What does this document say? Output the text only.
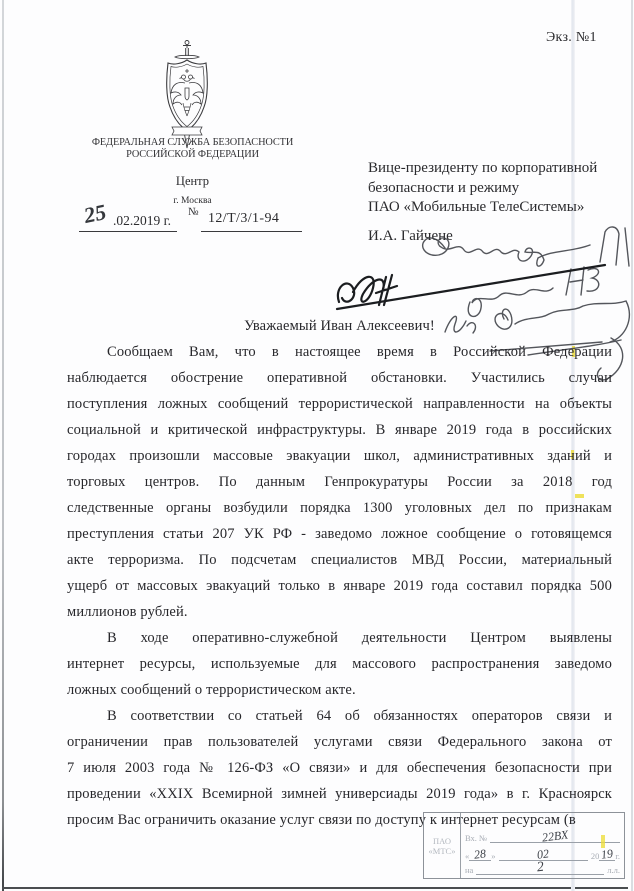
Экз. №1
ФЕДЕРАЛЬНАЯ СЛУЖБА БЕЗОПАСНОСТИ
РОССИЙСКОЙ ФЕДЕРАЦИИ
Центр
г. Москва
25 .02.2019 г.
№ 12/Т/3/1-94
Вице-президенту по корпоративной
безопасности и режиму
ПАО «Мобильные ТелеСистемы»
И.А. Гайчене
Уважаемый Иван Алексеевич!
Сообщаем Вам, что в настоящее время в Российской Федерации
наблюдается обострение оперативной обстановки. Участились случаи
поступления ложных сообщений террористической направленности на объекты
социальной и критической инфраструктуры. В январе 2019 года в российских
городах произошли массовые эвакуации школ, административных зданий и
торговых центров. По данным Генпрокуратуры России за 2018 год
следственные органы возбудили порядка 1300 уголовных дел по признакам
преступления статьи 207 УК РФ - заведомо ложное сообщение о готовящемся
акте терроризма. По подсчетам специалистов МВД России, материальный
ущерб от массовых эвакуаций только в январе 2019 года составил порядка 500
миллионов рублей.
В ходе оперативно-служебной деятельности Центром выявлены
интернет ресурсы, используемые для массового распространения заведомо
ложных сообщений о террористическом акте.
В соответствии со статьей 64 об обязанностях операторов связи и
ограничении прав пользователей услугами связи Федерального закона от
7 июля 2003 года № 126-ФЗ «О связи» и для обеспечения безопасности при
проведении «XXIX Всемирной зимней универсиады 2019 года» в г. Красноярск
просим Вас ограничить оказание услуг связи по доступу к интернет ресурсам (в
ПАО
«МТС»
Вх. №	22ВХ
« 28 »	02	20 19 г.
на	2	л.л.
